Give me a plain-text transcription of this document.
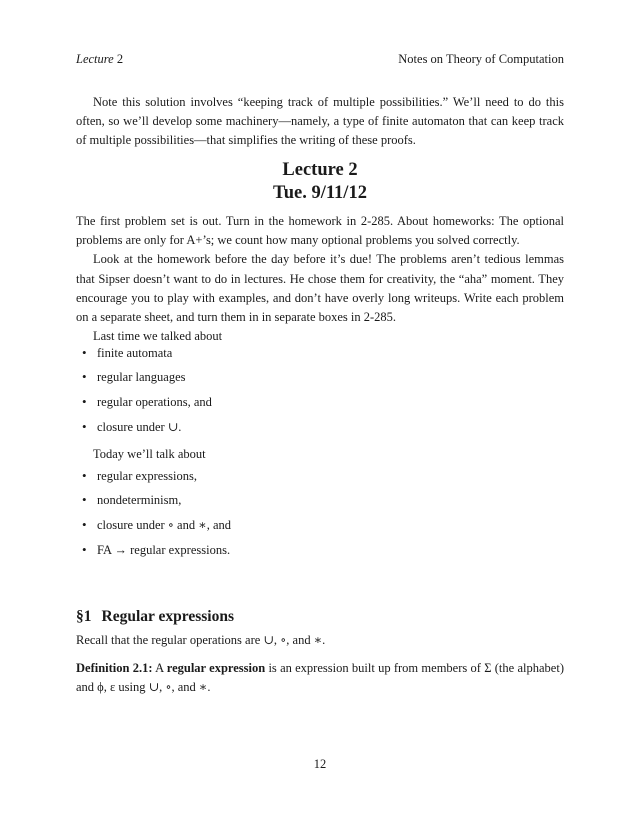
Lecture 2	Notes on Theory of Computation

Note this solution involves “keeping track of multiple possibilities.” We’ll need to do this often, so we’ll develop some machinery—namely, a type of finite automaton that can keep track of multiple possibilities—that simplifies the writing of these proofs.

Lecture 2
Tue. 9/11/12

The first problem set is out. Turn in the homework in 2-285. About homeworks: The optional problems are only for A+’s; we count how many optional problems you solved correctly.

Look at the homework before the day before it’s due! The problems aren’t tedious lemmas that Sipser doesn’t want to do in lectures. He chose them for creativity, the “aha” moment. They encourage you to play with examples, and don’t have overly long writeups. Write each problem on a separate sheet, and turn them in in separate boxes in 2-285.

Last time we talked about

• finite automata
• regular languages
• regular operations, and
• closure under ∪.
Today we’ll talk about
• regular expressions,
• nondeterminism,
• closure under ∘ and ∗, and
• FA → regular expressions.
§1 Regular expressions

Recall that the regular operations are ∪, ∘, and ∗.

Definition 2.1: A regular expression is an expression built up from members of Σ (the alphabet) and ϕ, ε using ∪, ∘, and ∗.

12
